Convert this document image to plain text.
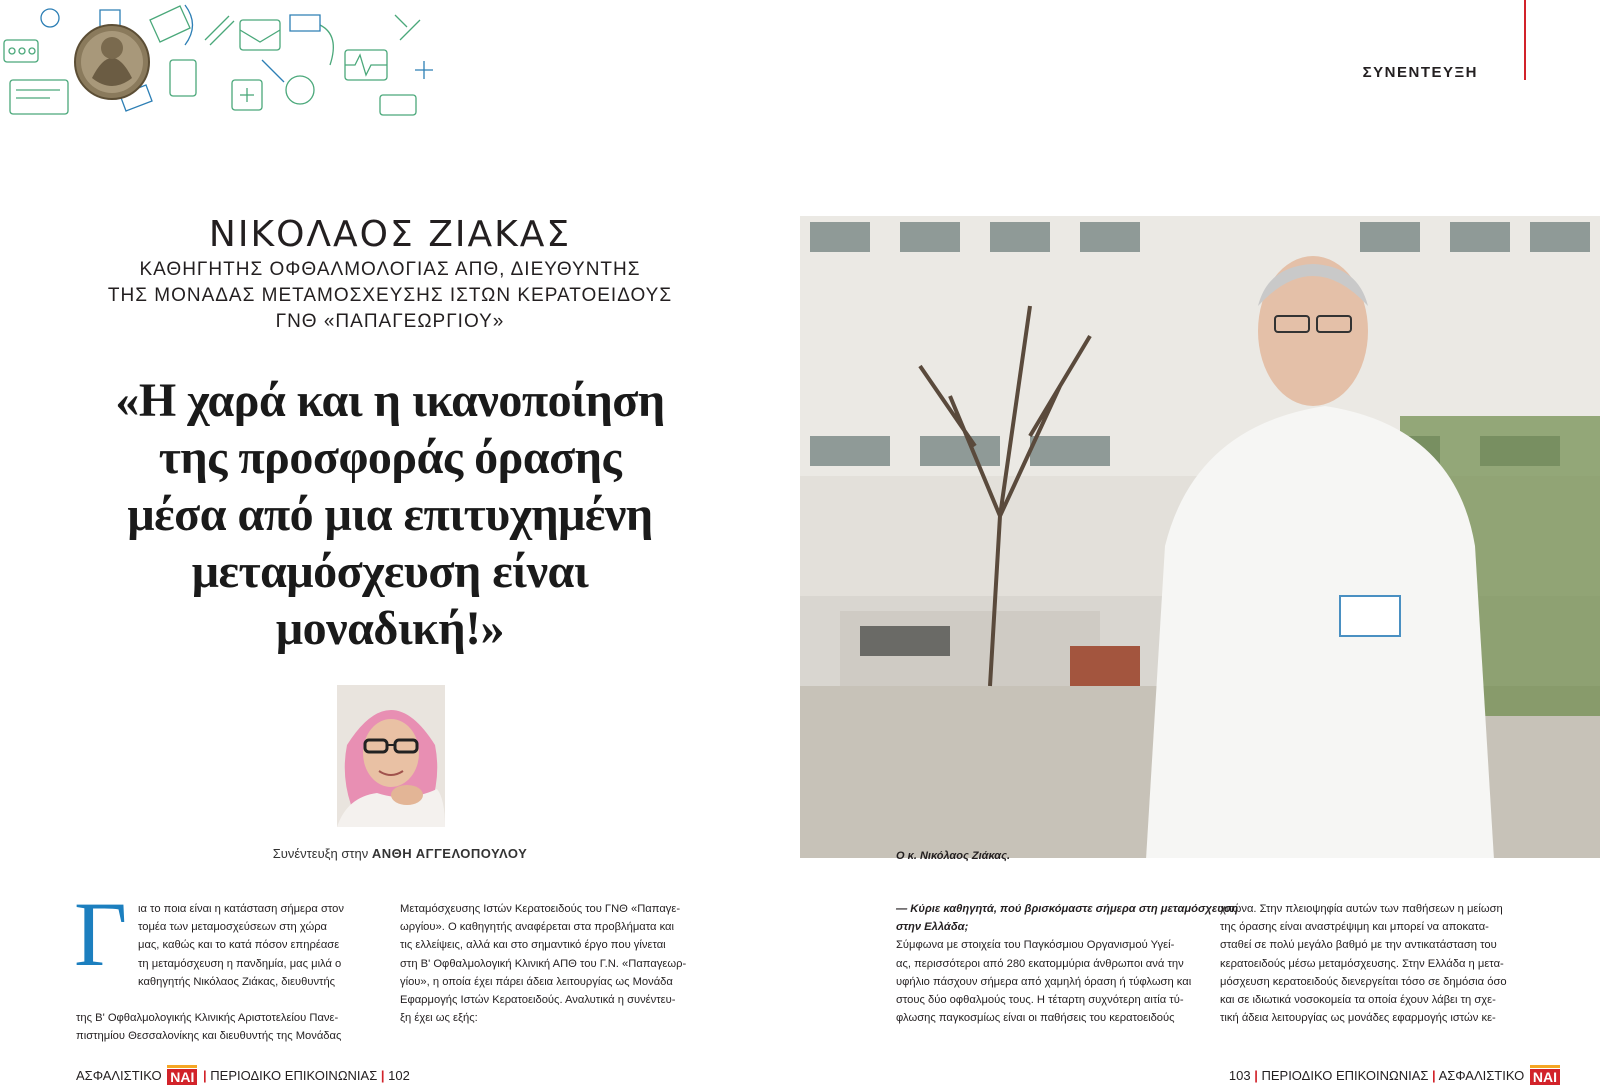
ΣΥΝΕΝΤΕΥΞΗ
ΝΙΚΟΛΑΟΣ ΖΙΑΚΑΣ
ΚΑΘΗΓΗΤΗΣ ΟΦΘΑΛΜΟΛΟΓΙΑΣ ΑΠΘ, ΔΙΕΥΘΥΝΤΗΣ
ΤΗΣ ΜΟΝΑΔΑΣ ΜΕΤΑΜΟΣΧΕΥΣΗΣ ΙΣΤΩΝ ΚΕΡΑΤΟΕΙΔΟΥΣ
ΓΝΘ «ΠΑΠΑΓΕΩΡΓΙΟΥ»
«Η χαρά και η ικανοποίηση
της προσφοράς όρασης
μέσα από μια επιτυχημένη
μεταμόσχευση είναι
μοναδική!»
Συνέντευξη στην ΑΝΘΗ ΑΓΓΕΛΟΠΟΥΛΟΥ
Γ ια το ποια είναι η κατάσταση σήμερα στον
τομέα των μεταμοσχεύσεων στη χώρα
μας, καθώς και το κατά πόσον επηρέασε
τη μεταμόσχευση η πανδημία, μας μιλά ο
καθηγητής Νικόλαος Ζιάκας, διευθυντής
της Β' Οφθαλμολογικής Κλινικής Αριστοτελείου Πανε-
πιστημίου Θεσσαλονίκης και διευθυντής της Μονάδας
Μεταμόσχευσης Ιστών Κερατοειδούς του ΓΝΘ «Παπαγε-
ωργίου». Ο καθηγητής αναφέρεται στα προβλήματα και
τις ελλείψεις, αλλά και στο σημαντικό έργο που γίνεται
στη Β' Οφθαλμολογική Κλινική ΑΠΘ του Γ.Ν. «Παπαγεωρ-
γίου», η οποία έχει πάρει άδεια λειτουργίας ως Μονάδα
Εφαρμογής Ιστών Κερατοειδούς. Αναλυτικά η συνέντευ-
ξη έχει ως εξής:
Ο κ. Νικόλαος Ζιάκας.
— Κύριε καθηγητά, πού βρισκόμαστε σήμερα στη μεταμόσχευση
στην Ελλάδα;
Σύμφωνα με στοιχεία του Παγκόσμιου Οργανισμού Υγεί-
ας, περισσότεροι από 280 εκατομμύρια άνθρωποι ανά την
υφήλιο πάσχουν σήμερα από χαμηλή όραση ή τύφλωση και
στους δύο οφθαλμούς τους. Η τέταρτη συχνότερη αιτία τύ-
φλωσης παγκοσμίως είναι οι παθήσεις του κερατοειδούς
χιτώνα. Στην πλειοψηφία αυτών των παθήσεων η μείωση
της όρασης είναι αναστρέψιμη και μπορεί να αποκατα-
σταθεί σε πολύ μεγάλο βαθμό με την αντικατάσταση του
κερατοειδούς μέσω μεταμόσχευσης. Στην Ελλάδα η μετα-
μόσχευση κερατοειδούς διενεργείται τόσο σε δημόσια όσο
και σε ιδιωτικά νοσοκομεία τα οποία έχουν λάβει τη σχε-
τική άδεια λειτουργίας ως μονάδες εφαρμογής ιστών κε-
ΑΣΦΑΛΙΣΤΙΚΟ ΝΑΙ | ΠΕΡΙΟΔΙΚΟ ΕΠΙΚΟΙΝΩΝΙΑΣ | 102	103 | ΠΕΡΙΟΔΙΚΟ ΕΠΙΚΟΙΝΩΝΙΑΣ | ΑΣΦΑΛΙΣΤΙΚΟ ΝΑΙ
